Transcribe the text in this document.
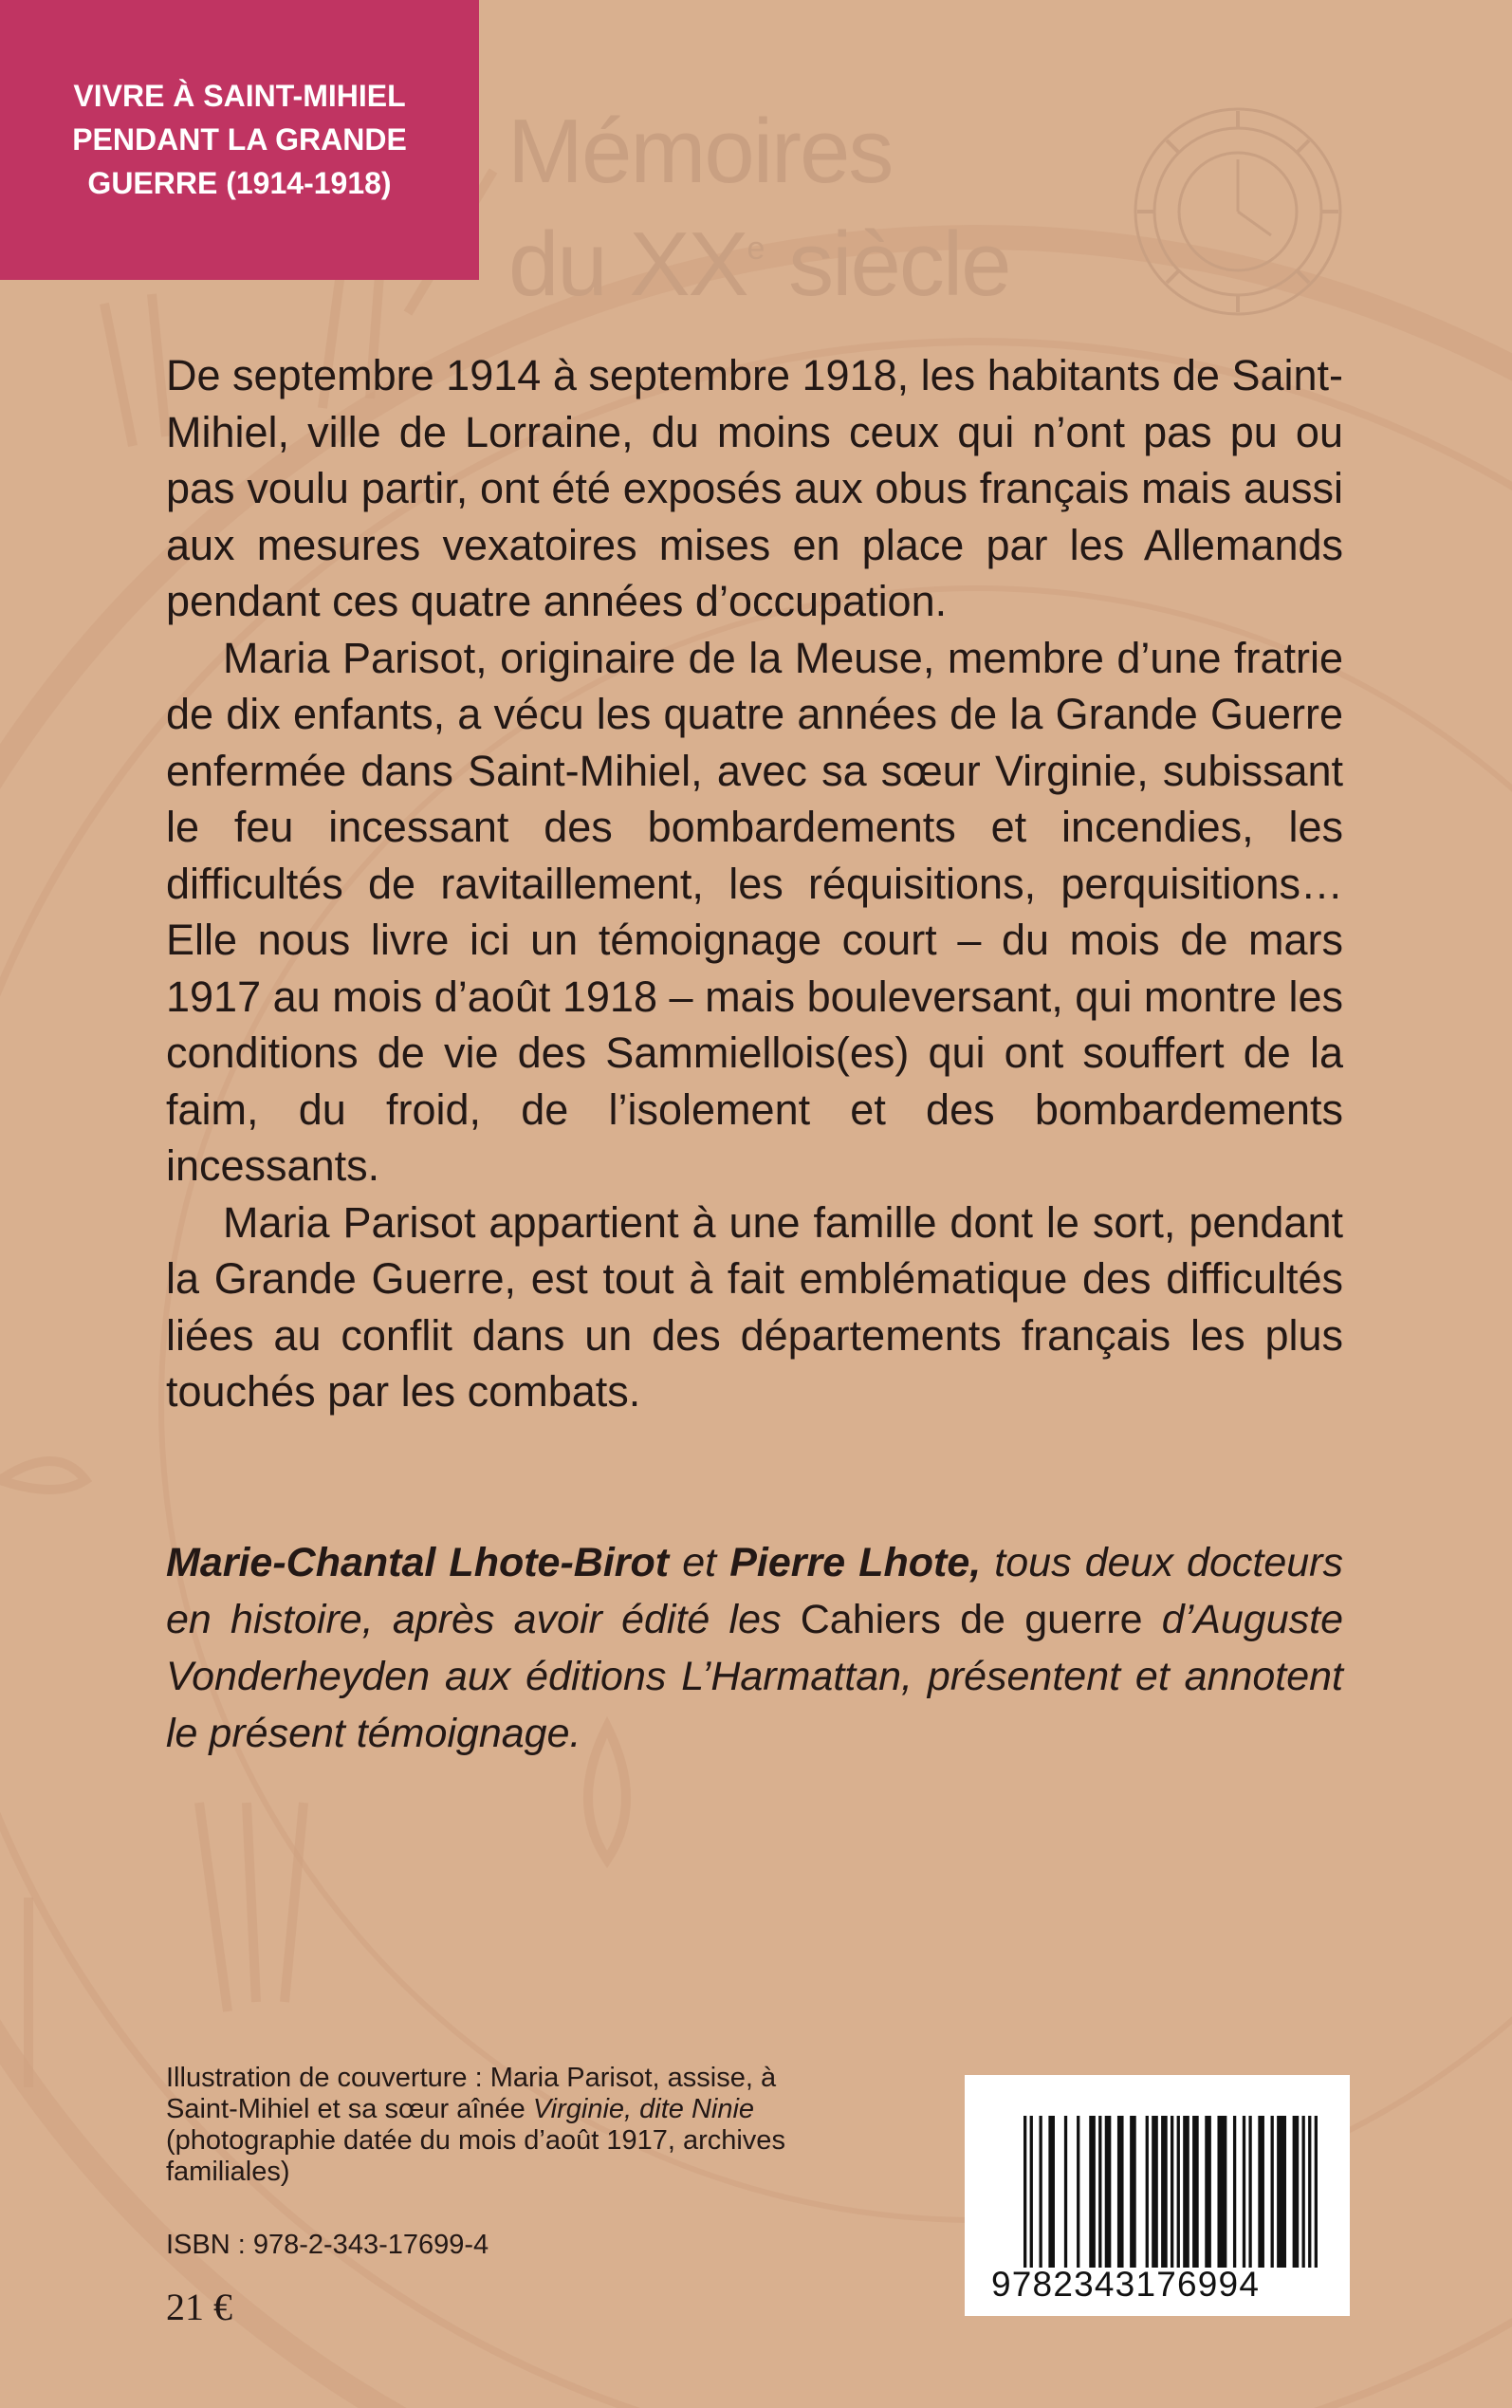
VIVRE À SAINT-MIHIEL
PENDANT LA GRANDE
GUERRE (1914-1918)	Mémoires
du XXe siècle

De septembre 1914 à septembre 1918, les habitants de Saint-Mihiel, ville de Lorraine, du moins ceux qui n’ont pas pu ou pas voulu partir, ont été exposés aux obus français mais aussi aux mesures vexatoires mises en place par les Allemands pendant ces quatre années d’occupation.

Maria Parisot, originaire de la Meuse, membre d’une fratrie de dix enfants, a vécu les quatre années de la Grande Guerre enfermée dans Saint-Mihiel, avec sa sœur Virginie, subissant le feu incessant des bombardements et incendies, les difficultés de ravitaillement, les réquisitions, perquisitions… Elle nous livre ici un témoignage court – du mois de mars 1917 au mois d’août 1918 – mais bouleversant, qui montre les conditions de vie des Sammiellois(es) qui ont souffert de la faim, du froid, de l’isolement et des bombardements incessants.

Maria Parisot appartient à une famille dont le sort, pendant la Grande Guerre, est tout à fait emblématique des difficultés liées au conflit dans un des départements français les plus touchés par les combats.

Marie-Chantal Lhote-Birot et Pierre Lhote, tous deux docteurs en histoire, après avoir édité les Cahiers de guerre d’Auguste Vonderheyden aux éditions L’Harmattan, présentent et annotent le présent témoignage.
Illustration de couverture : Maria Parisot, assise, à Saint-Mihiel et sa sœur aînée Virginie, dite Ninie (photographie datée du mois d’août 1917, archives familiales)
ISBN : 978-2-343-17699-4
21 €
9782343176994
